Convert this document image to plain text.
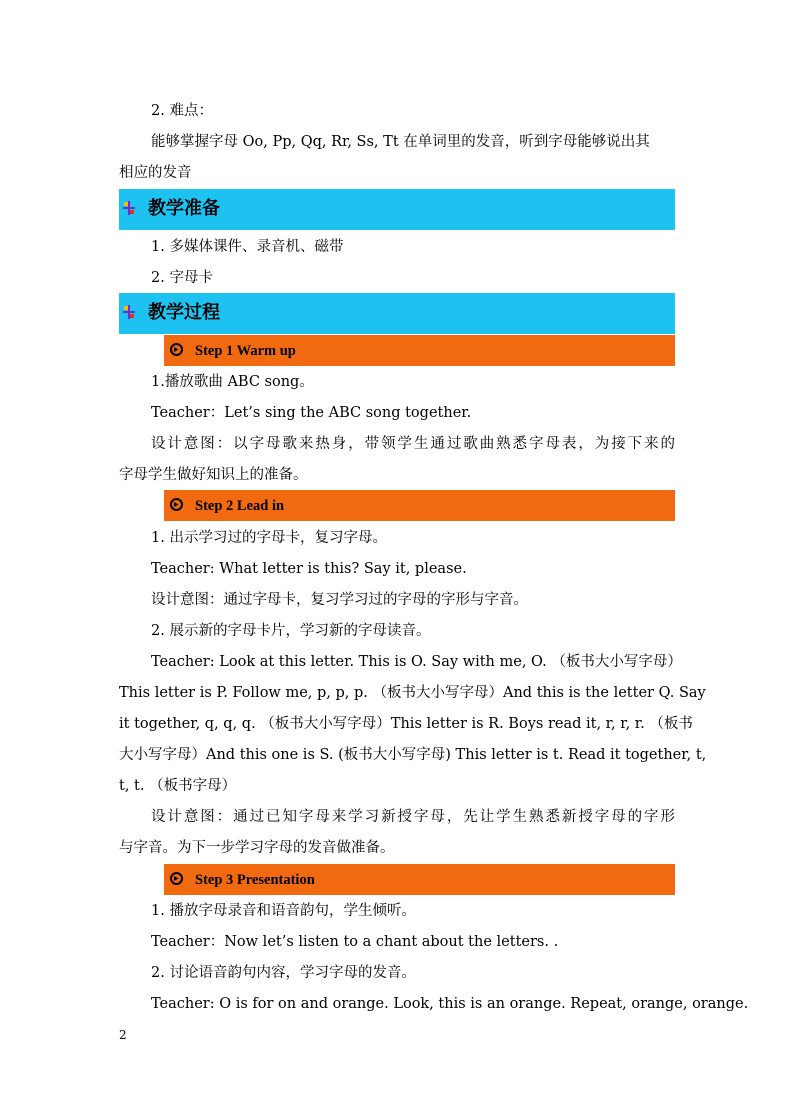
2. 难点：
能够掌握字母 Oo, Pp, Qq, Rr, Ss, Tt 在单词里的发音，听到字母能够说出其
相应的发音
教学准备
1. 多媒体课件、录音机、磁带
2. 字母卡
教学过程
Step 1 Warm up
1.播放歌曲 ABC song。
Teacher：Let’s sing the ABC song together.
设计意图：以字母歌来热身，带领学生通过歌曲熟悉字母表，为接下来的
字母学生做好知识上的准备。
Step 2 Lead in
1. 出示学习过的字母卡，复习字母。
Teacher: What letter is this? Say it, please.
设计意图：通过字母卡，复习学习过的字母的字形与字音。
2. 展示新的字母卡片，学习新的字母读音。
Teacher: Look at this letter. This is O. Say with me, O. （板书大小写字母）
This letter is P. Follow me, p, p, p. （板书大小写字母）And this is the letter Q. Say
it together, q, q, q. （板书大小写字母）This letter is R. Boys read it, r, r, r. （板书
大小写字母）And this one is S. (板书大小写字母) This letter is t. Read it together, t,
t, t. （板书字母）
设计意图：通过已知字母来学习新授字母，先让学生熟悉新授字母的字形
与字音。为下一步学习字母的发音做准备。
Step 3 Presentation
1. 播放字母录音和语音韵句，学生倾听。
Teacher：Now let’s listen to a chant about the letters. .
2. 讨论语音韵句内容，学习字母的发音。
Teacher: O is for on and orange. Look, this is an orange. Repeat, orange, orange.
2
